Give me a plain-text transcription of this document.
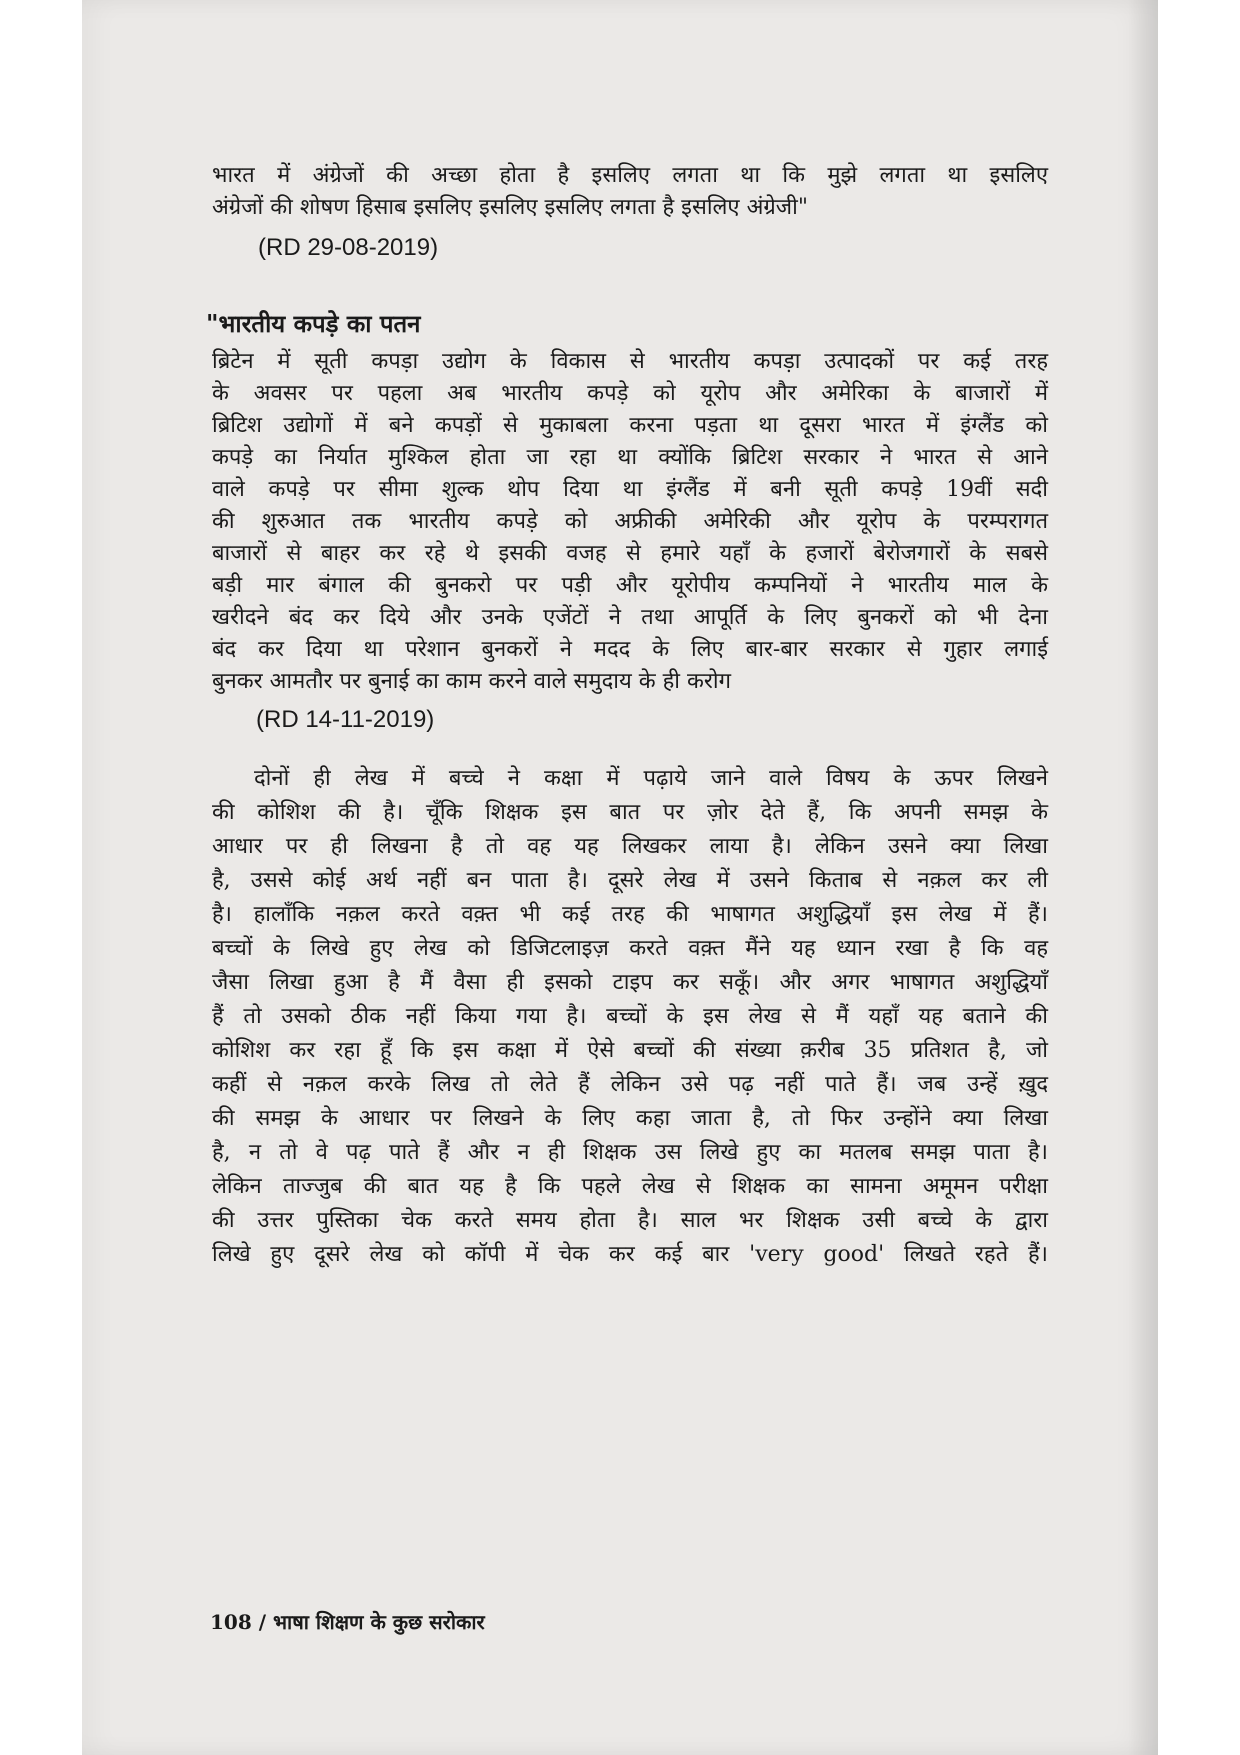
भारत में अंग्रेजों की अच्छा होता है इसलिए लगता था कि मुझे लगता था इसलिए

अंग्रेजों की शोषण हिसाब इसलिए इसलिए इसलिए लगता है इसलिए अंग्रेजी"

(RD 29-08-2019)

"भारतीय कपड़े का पतन

ब्रिटेन में सूती कपड़ा उद्योग के विकास से भारतीय कपड़ा उत्पादकों पर कई तरह

के अवसर पर पहला अब भारतीय कपड़े को यूरोप और अमेरिका के बाजारों में

ब्रिटिश उद्योगों में बने कपड़ों से मुकाबला करना पड़ता था दूसरा भारत में इंग्लैंड को

कपड़े का निर्यात मुश्किल होता जा रहा था क्योंकि ब्रिटिश सरकार ने भारत से आने

वाले कपड़े पर सीमा शुल्क थोप दिया था इंग्लैंड में बनी सूती कपड़े 19वीं सदी

की शुरुआत तक भारतीय कपड़े को अफ्रीकी अमेरिकी और यूरोप के परम्परागत

बाजारों से बाहर कर रहे थे इसकी वजह से हमारे यहाँ के हजारों बेरोजगारों के सबसे

बड़ी मार बंगाल की बुनकरो पर पड़ी और यूरोपीय कम्पनियों ने भारतीय माल के

खरीदने बंद कर दिये और उनके एजेंटों ने तथा आपूर्ति के लिए बुनकरों को भी देना

बंद कर दिया था परेशान बुनकरों ने मदद के लिए बार-बार सरकार से गुहार लगाई

बुनकर आमतौर पर बुनाई का काम करने वाले समुदाय के ही करोग

(RD 14-11-2019)

दोनों ही लेख में बच्चे ने कक्षा में पढ़ाये जाने वाले विषय के ऊपर लिखने

की कोशिश की है। चूँकि शिक्षक इस बात पर ज़ोर देते हैं, कि अपनी समझ के

आधार पर ही लिखना है तो वह यह लिखकर लाया है। लेकिन उसने क्या लिखा

है, उससे कोई अर्थ नहीं बन पाता है। दूसरे लेख में उसने किताब से नक़ल कर ली

है। हालाँकि नक़ल करते वक़्त भी कई तरह की भाषागत अशुद्धियाँ इस लेख में हैं।

बच्चों के लिखे हुए लेख को डिजिटलाइज़ करते वक़्त मैंने यह ध्यान रखा है कि वह

जैसा लिखा हुआ है मैं वैसा ही इसको टाइप कर सकूँ। और अगर भाषागत अशुद्धियाँ

हैं तो उसको ठीक नहीं किया गया है। बच्चों के इस लेख से मैं यहाँ यह बताने की

कोशिश कर रहा हूँ कि इस कक्षा में ऐसे बच्चों की संख्या क़रीब 35 प्रतिशत है, जो

कहीं से नक़ल करके लिख तो लेते हैं लेकिन उसे पढ़ नहीं पाते हैं। जब उन्हें ख़ुद

की समझ के आधार पर लिखने के लिए कहा जाता है, तो फिर उन्होंने क्या लिखा

है, न तो वे पढ़ पाते हैं और न ही शिक्षक उस लिखे हुए का मतलब समझ पाता है।

लेकिन ताज्जुब की बात यह है कि पहले लेख से शिक्षक का सामना अमूमन परीक्षा

की उत्तर पुस्तिका चेक करते समय होता है। साल भर शिक्षक उसी बच्चे के द्वारा

लिखे हुए दूसरे लेख को कॉपी में चेक कर कई बार 'very good' लिखते रहते हैं।

108 / भाषा शिक्षण के कुछ सरोकार
